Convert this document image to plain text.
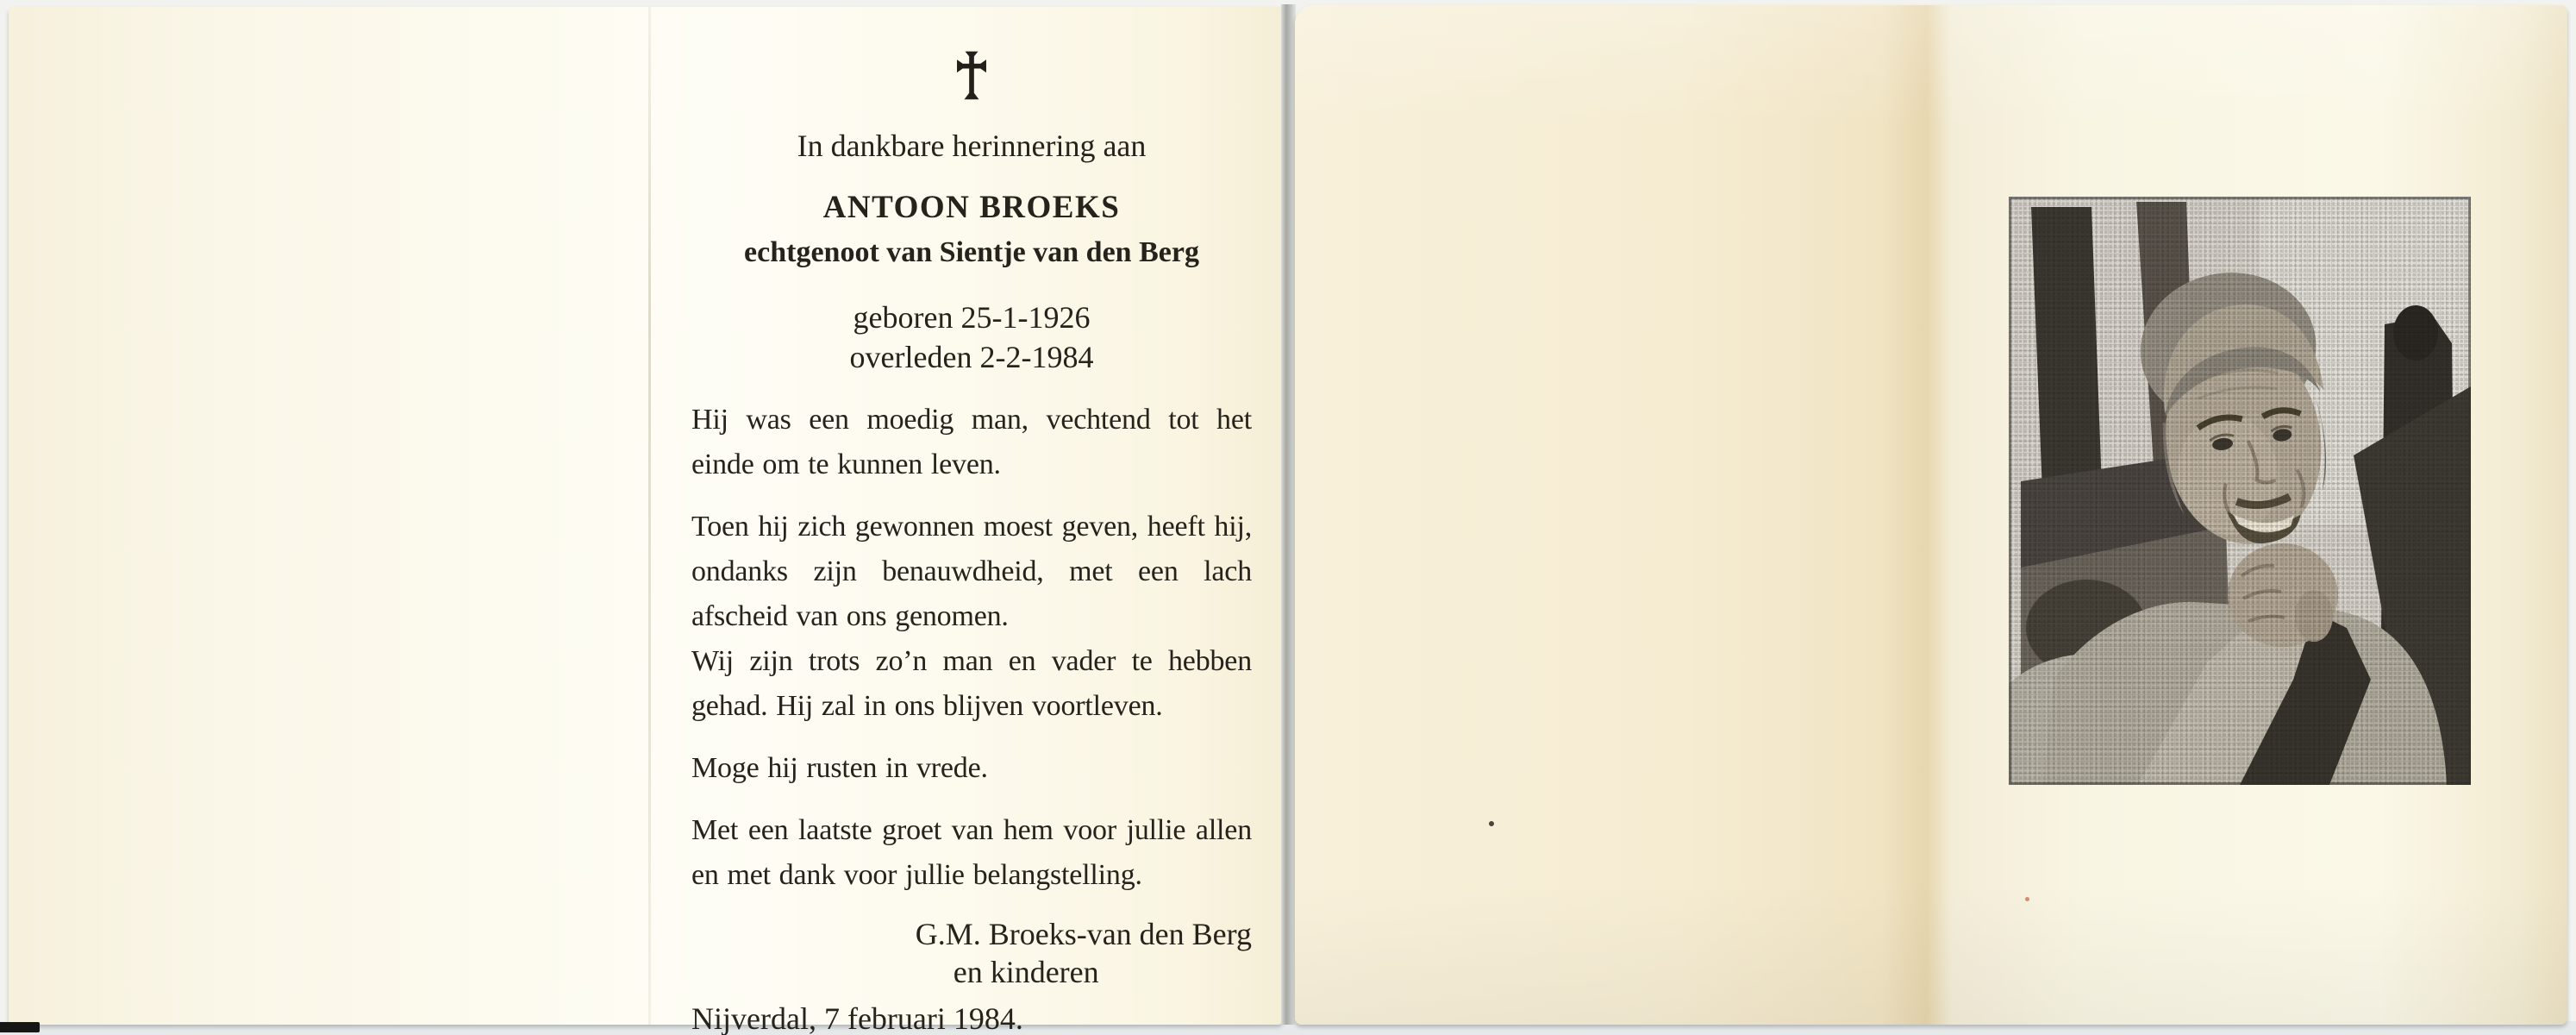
In dankbare herinnering aan
ANTOON BROEKS
echtgenoot van Sientje van den Berg
geboren 25-1-1926
overleden 2-2-1984

Hij was een moedig man, vechtend tot het einde om te kunnen leven.

Toen hij zich gewonnen moest geven, heeft hij, ondanks zijn benauwdheid, met een lach afscheid van ons genomen.

Wij zijn trots zo’n man en vader te hebben gehad. Hij zal in ons blijven voortleven.

Moge hij rusten in vrede.

Met een laatste groet van hem voor jullie allen en met dank voor jullie belangstelling.

G.M. Broeks-van den Berg
en kinderen
Nijverdal, 7 februari 1984.
